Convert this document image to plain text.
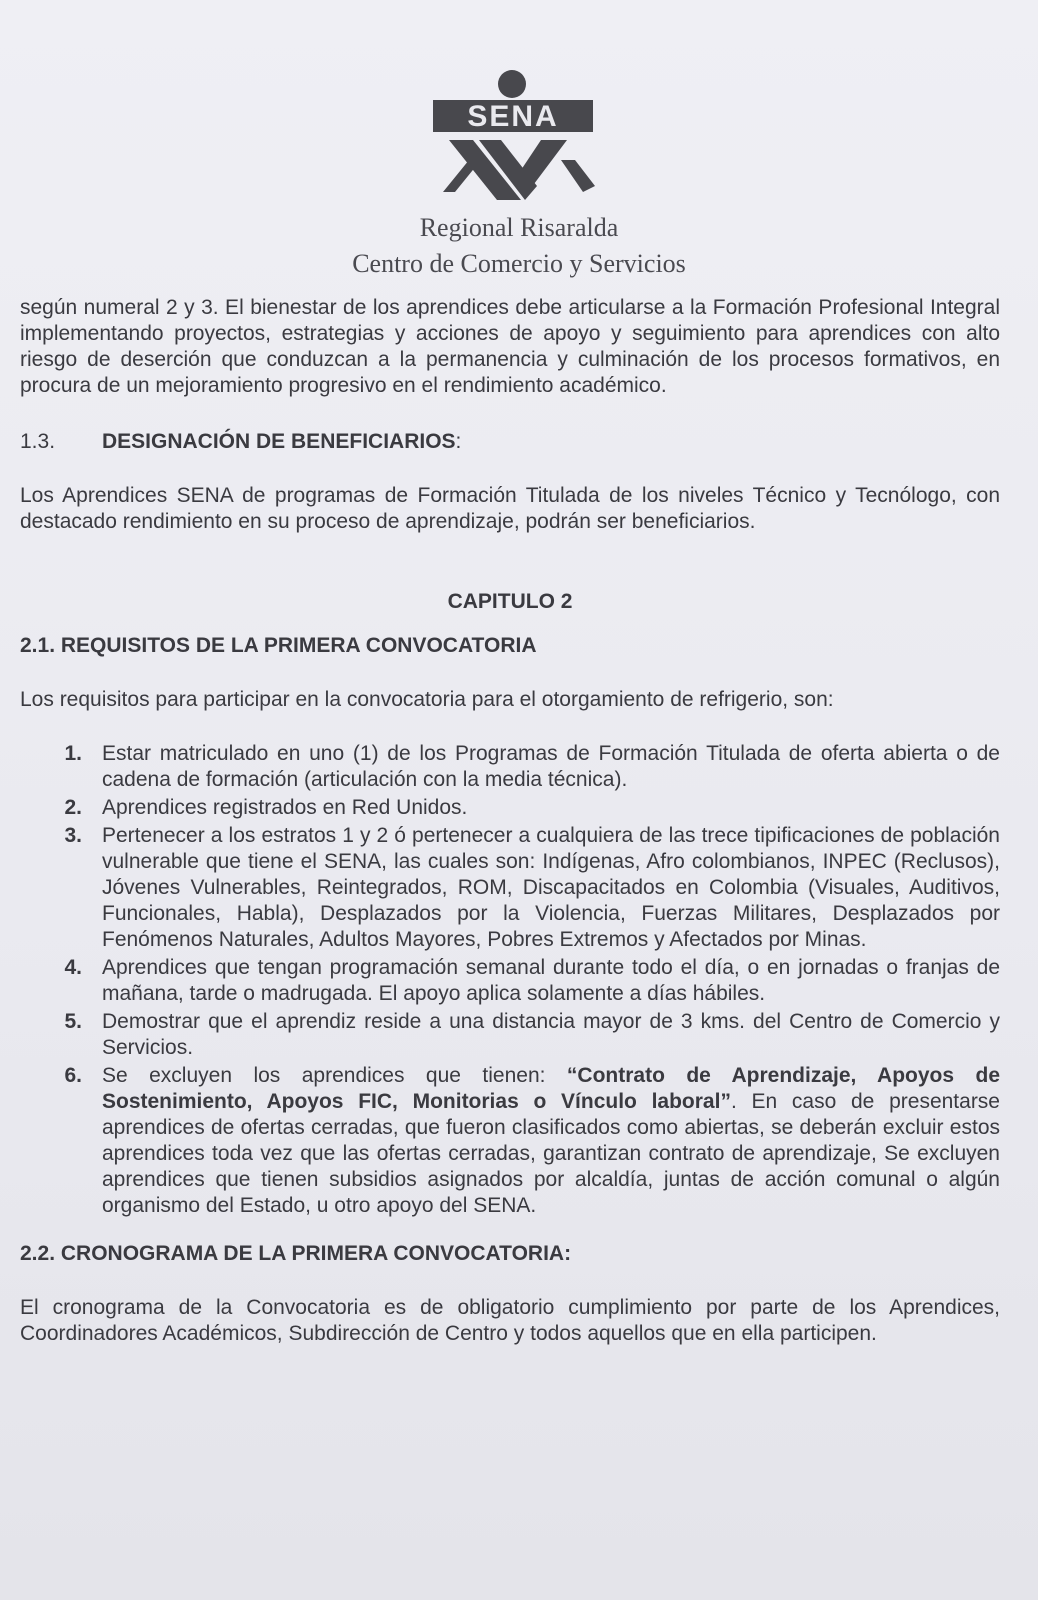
SENA
Regional Risaralda
Centro de Comercio y Servicios

según numeral 2 y 3. El bienestar de los aprendices debe articularse a la Formación Profesional Integral implementando proyectos, estrategias y acciones de apoyo y seguimiento para aprendices con alto riesgo de deserción que conduzcan a la permanencia y culminación de los procesos formativos, en procura de un mejoramiento progresivo en el rendimiento académico.

1.3.	DESIGNACIÓN DE BENEFICIARIOS:

Los Aprendices SENA de programas de Formación Titulada de los niveles Técnico y Tecnólogo, con destacado rendimiento en su proceso de aprendizaje, podrán ser beneficiarios.

CAPITULO 2
2.1. REQUISITOS DE LA PRIMERA CONVOCATORIA

Los requisitos para participar en la convocatoria para el otorgamiento de refrigerio, son:

1. Estar matriculado en uno (1) de los Programas de Formación Titulada de oferta abierta o de cadena de formación (articulación con la media técnica).
2. Aprendices registrados en Red Unidos.
3. Pertenecer a los estratos 1 y 2 ó pertenecer a cualquiera de las trece tipificaciones de población vulnerable que tiene el SENA, las cuales son: Indígenas, Afro colombianos, INPEC (Reclusos), Jóvenes Vulnerables, Reintegrados, ROM, Discapacitados en Colombia (Visuales, Auditivos, Funcionales, Habla), Desplazados por la Violencia, Fuerzas Militares, Desplazados por Fenómenos Naturales, Adultos Mayores, Pobres Extremos y Afectados por Minas.
4. Aprendices que tengan programación semanal durante todo el día, o en jornadas o franjas de mañana, tarde o madrugada. El apoyo aplica solamente a días hábiles.
5. Demostrar que el aprendiz reside a una distancia mayor de 3 kms. del Centro de Comercio y Servicios.
6. Se excluyen los aprendices que tienen: “Contrato de Aprendizaje, Apoyos de Sostenimiento, Apoyos FIC, Monitorias o Vínculo laboral”. En caso de presentarse aprendices de ofertas cerradas, que fueron clasificados como abiertas, se deberán excluir estos aprendices toda vez que las ofertas cerradas, garantizan contrato de aprendizaje, Se excluyen aprendices que tienen subsidios asignados por alcaldía, juntas de acción comunal o algún organismo del Estado, u otro apoyo del SENA.
2.2. CRONOGRAMA DE LA PRIMERA CONVOCATORIA:

El cronograma de la Convocatoria es de obligatorio cumplimiento por parte de los Aprendices, Coordinadores Académicos, Subdirección de Centro y todos aquellos que en ella participen.
